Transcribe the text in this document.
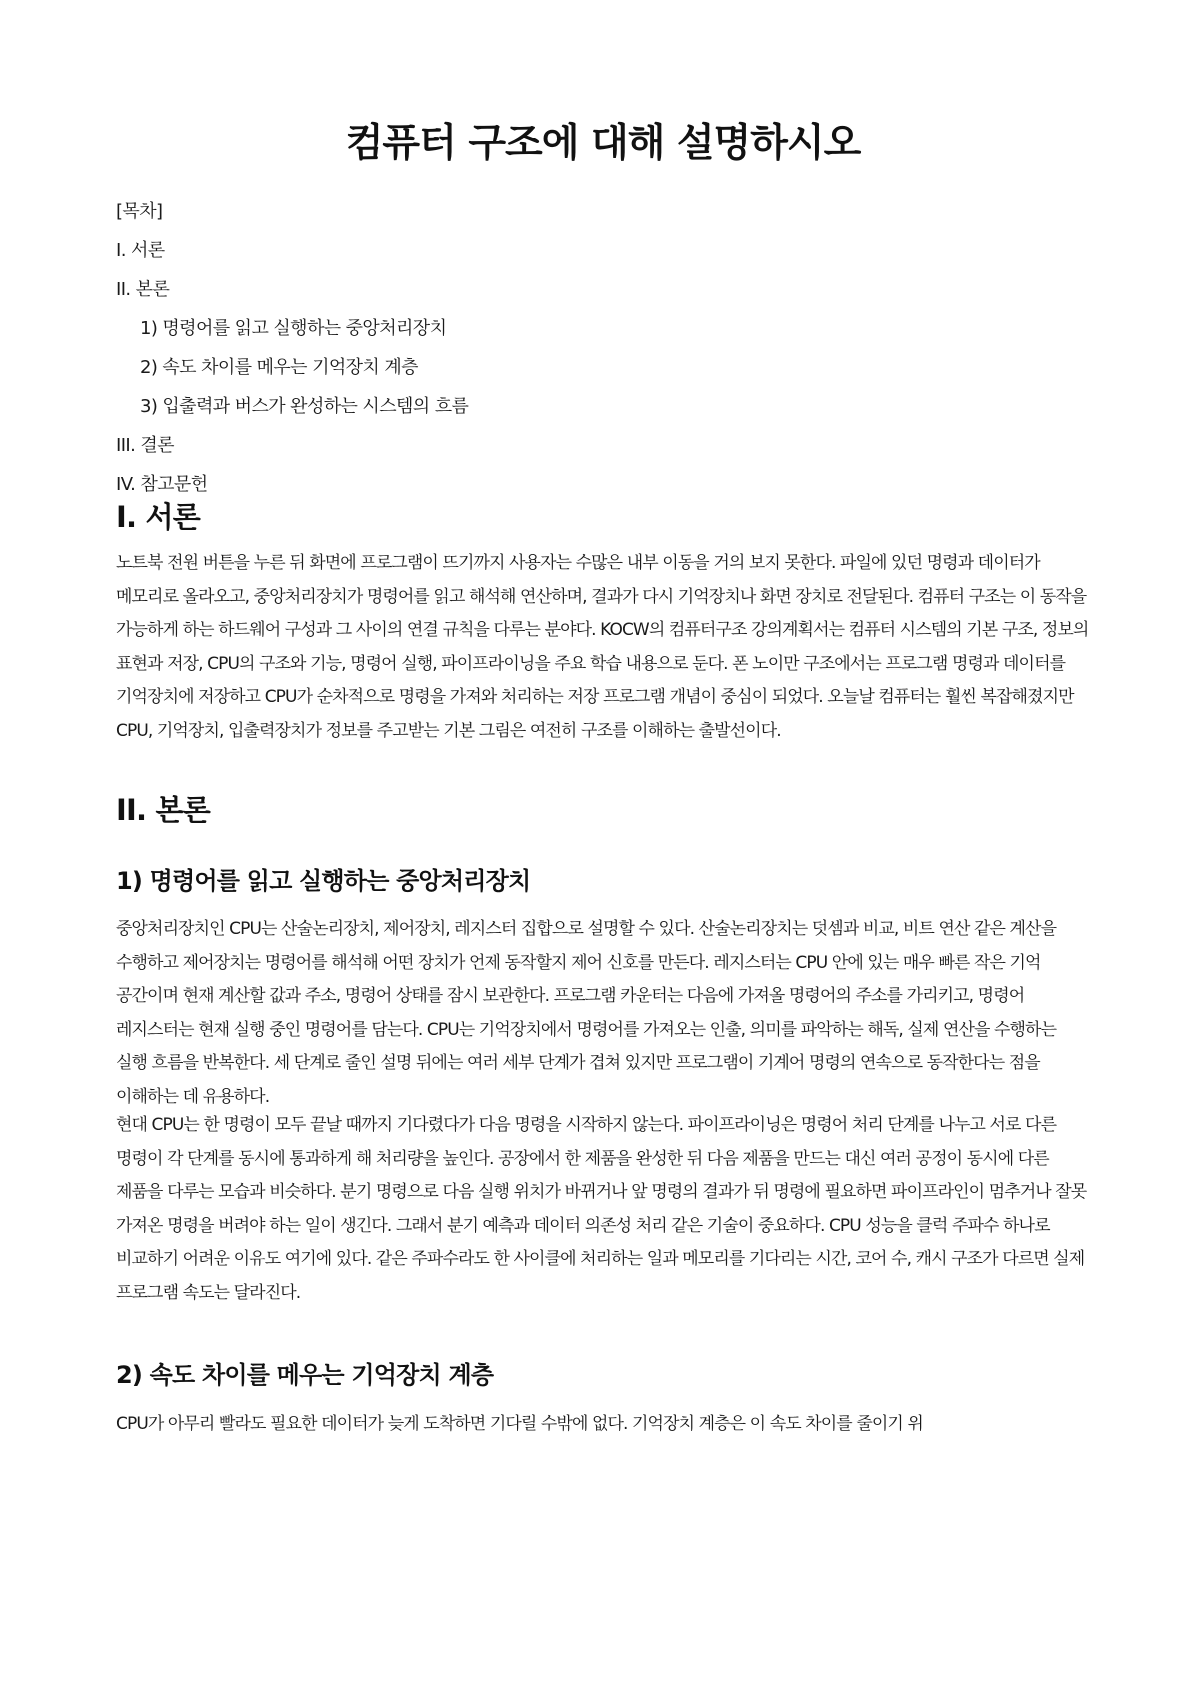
컴퓨터 구조에 대해 설명하시오
[목차]
I. 서론
II. 본론
1) 명령어를 읽고 실행하는 중앙처리장치
2) 속도 차이를 메우는 기억장치 계층
3) 입출력과 버스가 완성하는 시스템의 흐름
III. 결론
IV. 참고문헌
I. 서론

노트북 전원 버튼을 누른 뒤 화면에 프로그램이 뜨기까지 사용자는 수많은 내부 이동을 거의 보지 못한다. 파일에 있던 명령과 데이터가 메모리로 올라오고, 중앙처리장치가 명령어를 읽고 해석해 연산하며, 결과가 다시 기억장치나 화면 장치로 전달된다. 컴퓨터 구조는 이 동작을 가능하게 하는 하드웨어 구성과 그 사이의 연결 규칙을 다루는 분야다. KOCW의 컴퓨터구조 강의계획서는 컴퓨터 시스템의 기본 구조, 정보의 표현과 저장, CPU의 구조와 기능, 명령어 실행, 파이프라이닝을 주요 학습 내용으로 둔다. 폰 노이만 구조에서는 프로그램 명령과 데이터를 기억장치에 저장하고 CPU가 순차적으로 명령을 가져와 처리하는 저장 프로그램 개념이 중심이 되었다. 오늘날 컴퓨터는 훨씬 복잡해졌지만 CPU, 기억장치, 입출력장치가 정보를 주고받는 기본 그림은 여전히 구조를 이해하는 출발선이다.

II. 본론
1) 명령어를 읽고 실행하는 중앙처리장치

중앙처리장치인 CPU는 산술논리장치, 제어장치, 레지스터 집합으로 설명할 수 있다. 산술논리장치는 덧셈과 비교, 비트 연산 같은 계산을 수행하고 제어장치는 명령어를 해석해 어떤 장치가 언제 동작할지 제어 신호를 만든다. 레지스터는 CPU 안에 있는 매우 빠른 작은 기억 공간이며 현재 계산할 값과 주소, 명령어 상태를 잠시 보관한다. 프로그램 카운터는 다음에 가져올 명령어의 주소를 가리키고, 명령어 레지스터는 현재 실행 중인 명령어를 담는다. CPU는 기억장치에서 명령어를 가져오는 인출, 의미를 파악하는 해독, 실제 연산을 수행하는 실행 흐름을 반복한다. 세 단계로 줄인 설명 뒤에는 여러 세부 단계가 겹쳐 있지만 프로그램이 기계어 명령의 연속으로 동작한다는 점을 이해하는 데 유용하다.

현대 CPU는 한 명령이 모두 끝날 때까지 기다렸다가 다음 명령을 시작하지 않는다. 파이프라이닝은 명령어 처리 단계를 나누고 서로 다른 명령이 각 단계를 동시에 통과하게 해 처리량을 높인다. 공장에서 한 제품을 완성한 뒤 다음 제품을 만드는 대신 여러 공정이 동시에 다른 제품을 다루는 모습과 비슷하다. 분기 명령으로 다음 실행 위치가 바뀌거나 앞 명령의 결과가 뒤 명령에 필요하면 파이프라인이 멈추거나 잘못 가져온 명령을 버려야 하는 일이 생긴다. 그래서 분기 예측과 데이터 의존성 처리 같은 기술이 중요하다. CPU 성능을 클럭 주파수 하나로 비교하기 어려운 이유도 여기에 있다. 같은 주파수라도 한 사이클에 처리하는 일과 메모리를 기다리는 시간, 코어 수, 캐시 구조가 다르면 실제 프로그램 속도는 달라진다.

2) 속도 차이를 메우는 기억장치 계층

CPU가 아무리 빨라도 필요한 데이터가 늦게 도착하면 기다릴 수밖에 없다. 기억장치 계층은 이 속도 차이를 줄이기 위
